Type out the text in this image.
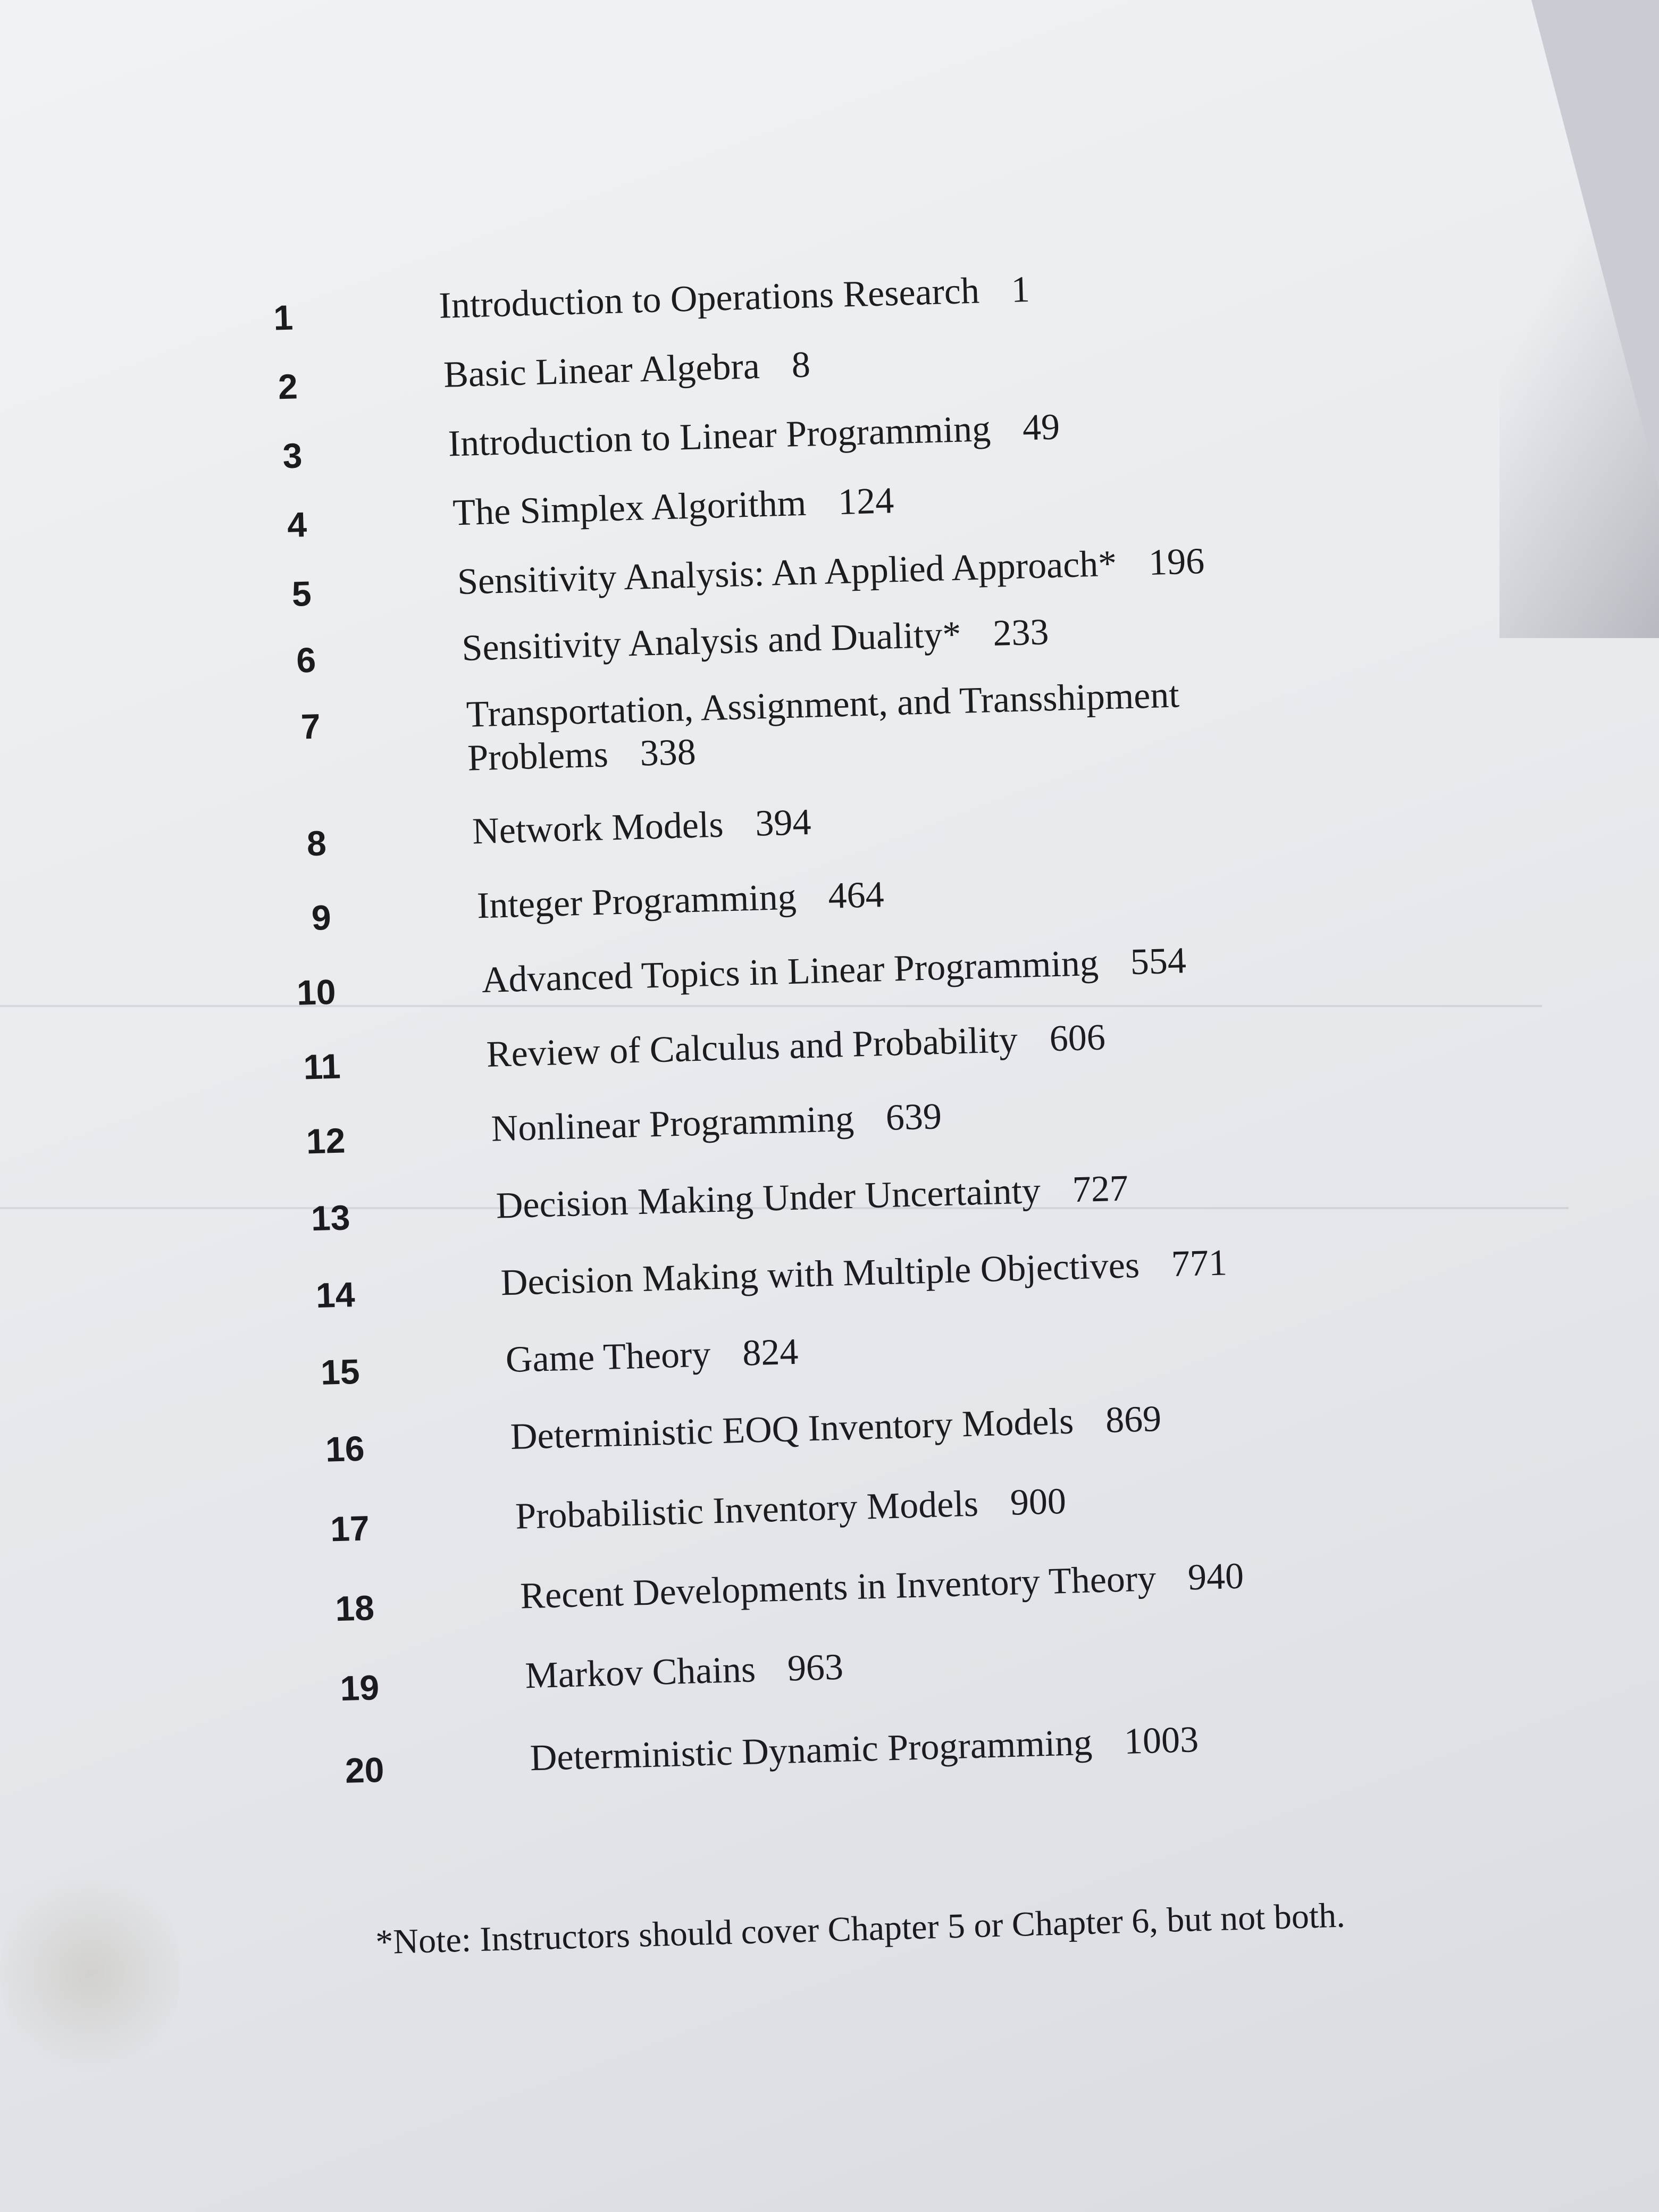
1	Introduction to Operations Research 1
2	Basic Linear Algebra 8
3	Introduction to Linear Programming 49
4	The Simplex Algorithm 124
5	Sensitivity Analysis: An Applied Approach* 196
6	Sensitivity Analysis and Duality* 233
7	Transportation, Assignment, and Transshipment
Problems 338
8	Network Models 394
9	Integer Programming 464
10	Advanced Topics in Linear Programming 554
11	Review of Calculus and Probability 606
12	Nonlinear Programming 639
13	Decision Making Under Uncertainty 727
14	Decision Making with Multiple Objectives 771
15	Game Theory 824
16	Deterministic EOQ Inventory Models 869
17	Probabilistic Inventory Models 900
18	Recent Developments in Inventory Theory 940
19	Markov Chains 963
20	Deterministic Dynamic Programming 1003
*Note: Instructors should cover Chapter 5 or Chapter 6, but not both.
